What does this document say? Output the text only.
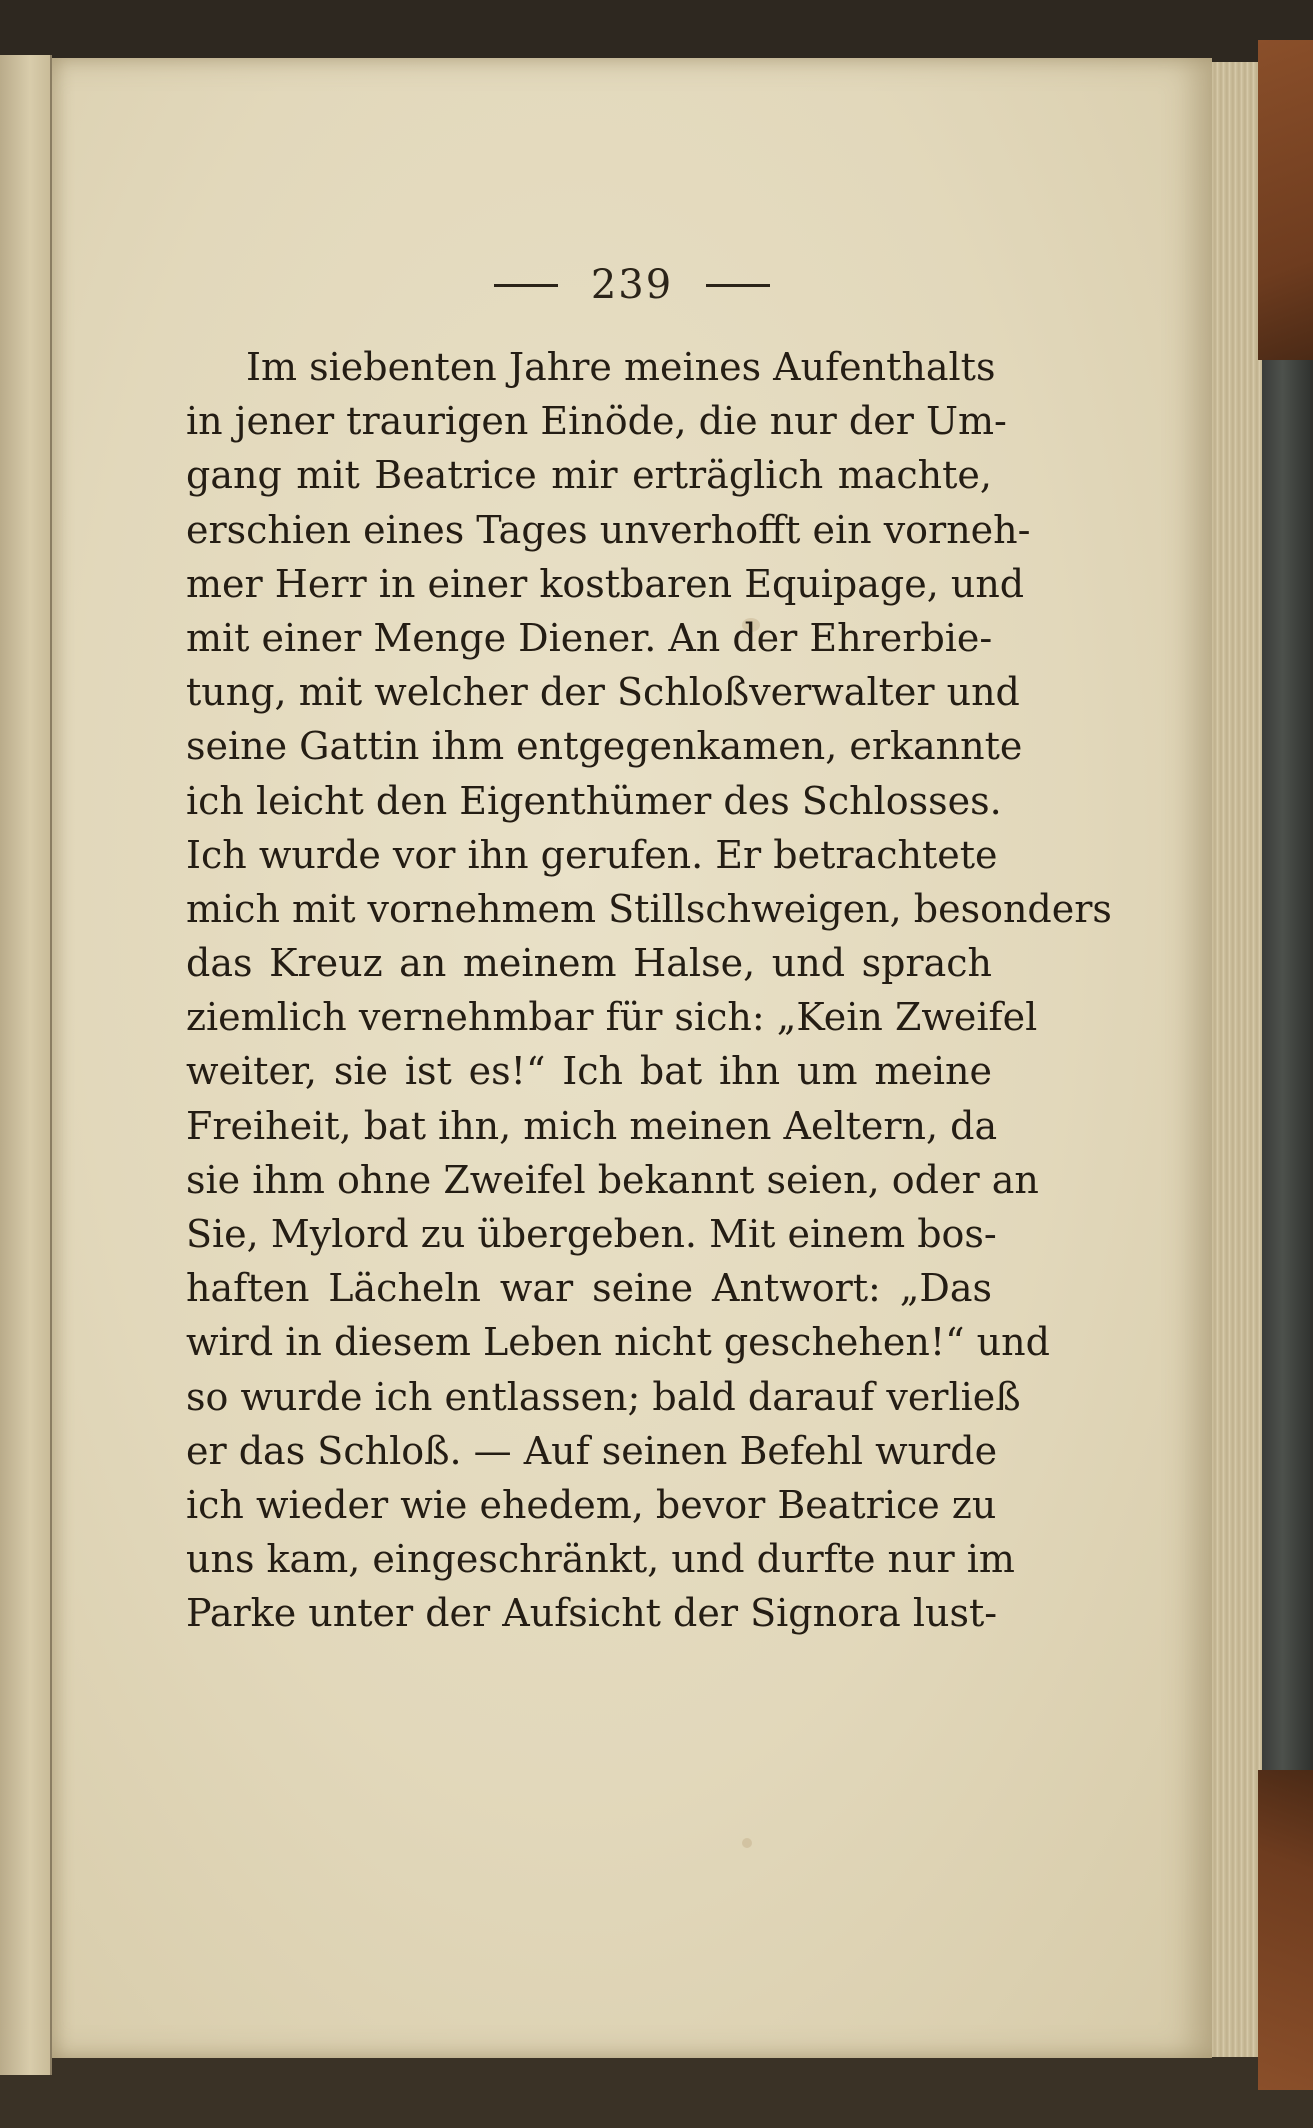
239
Im siebenten Jahre meines Aufenthalts
in jener traurigen Einöde, die nur der Um-
gang mit Beatrice mir erträglich machte,
erschien eines Tages unverhofft ein vorneh-
mer Herr in einer kostbaren Equipage, und
mit einer Menge Diener. An der Ehrerbie-
tung, mit welcher der Schloßverwalter und
seine Gattin ihm entgegenkamen, erkannte
ich leicht den Eigenthümer des Schlosses.
Ich wurde vor ihn gerufen. Er betrachtete
mich mit vornehmem Stillschweigen, besonders
das Kreuz an meinem Halse, und sprach
ziemlich vernehmbar für sich: „Kein Zweifel
weiter, sie ist es!“ Ich bat ihn um meine
Freiheit, bat ihn, mich meinen Aeltern, da
sie ihm ohne Zweifel bekannt seien, oder an
Sie, Mylord zu übergeben. Mit einem bos-
haften Lächeln war seine Antwort: „Das
wird in diesem Leben nicht geschehen!“ und
so wurde ich entlassen; bald darauf verließ
er das Schloß. — Auf seinen Befehl wurde
ich wieder wie ehedem, bevor Beatrice zu
uns kam, eingeschränkt, und durfte nur im
Parke unter der Aufsicht der Signora lust-
